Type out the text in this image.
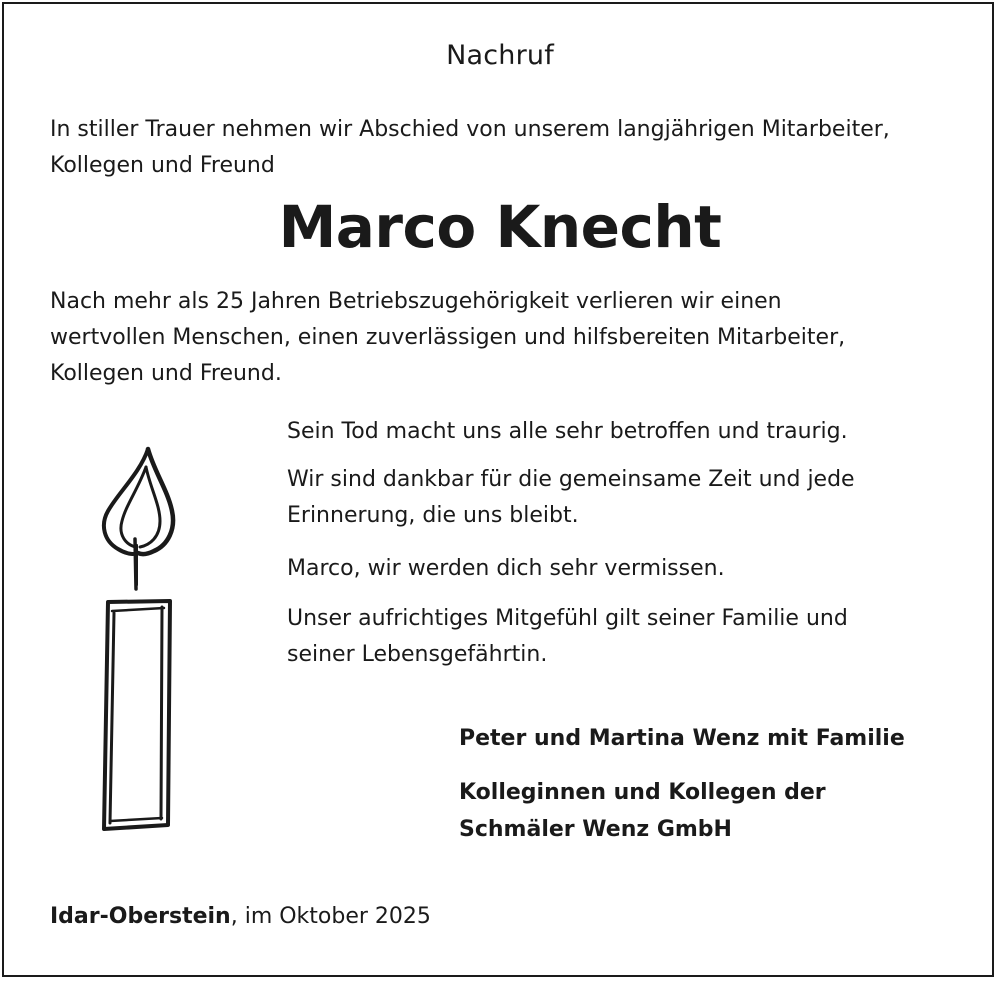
Nachruf
In stiller Trauer nehmen wir Abschied von unserem langjährigen Mitarbeiter,
Kollegen und Freund
Marco Knecht
Nach mehr als 25 Jahren Betriebszugehörigkeit verlieren wir einen
wertvollen Menschen, einen zuverlässigen und hilfsbereiten Mitarbeiter,
Kollegen und Freund.
Sein Tod macht uns alle sehr betroffen und traurig.
Wir sind dankbar für die gemeinsame Zeit und jede
Erinnerung, die uns bleibt.
Marco, wir werden dich sehr vermissen.
Unser aufrichtiges Mitgefühl gilt seiner Familie und
seiner Lebensgefährtin.
Peter und Martina Wenz mit Familie
Kolleginnen und Kollegen der
Schmäler Wenz GmbH
Idar-Oberstein, im Oktober 2025
